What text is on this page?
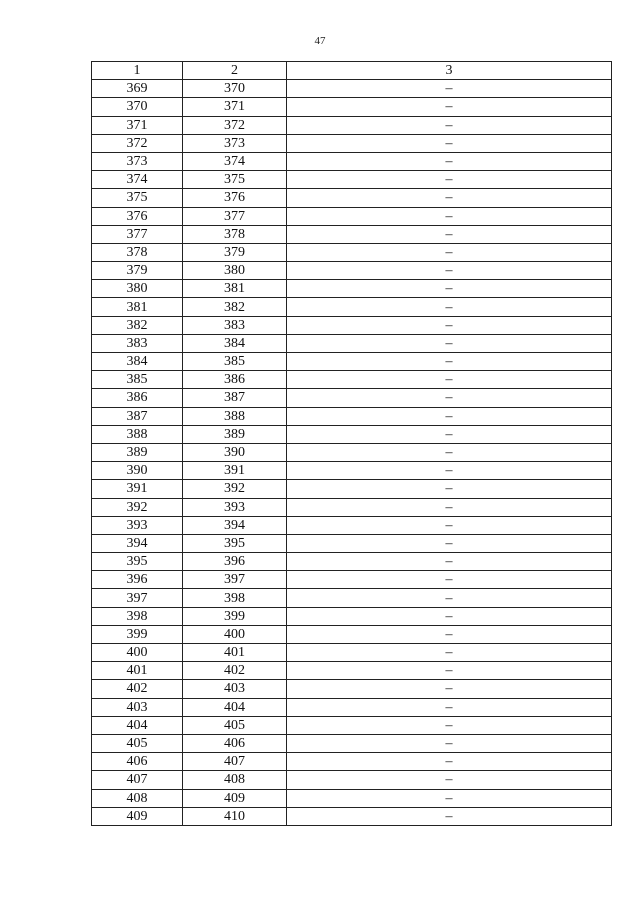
47
1	2	3
369	370	–
370	371	–
371	372	–
372	373	–
373	374	–
374	375	–
375	376	–
376	377	–
377	378	–
378	379	–
379	380	–
380	381	–
381	382	–
382	383	–
383	384	–
384	385	–
385	386	–
386	387	–
387	388	–
388	389	–
389	390	–
390	391	–
391	392	–
392	393	–
393	394	–
394	395	–
395	396	–
396	397	–
397	398	–
398	399	–
399	400	–
400	401	–
401	402	–
402	403	–
403	404	–
404	405	–
405	406	–
406	407	–
407	408	–
408	409	–
409	410	–
